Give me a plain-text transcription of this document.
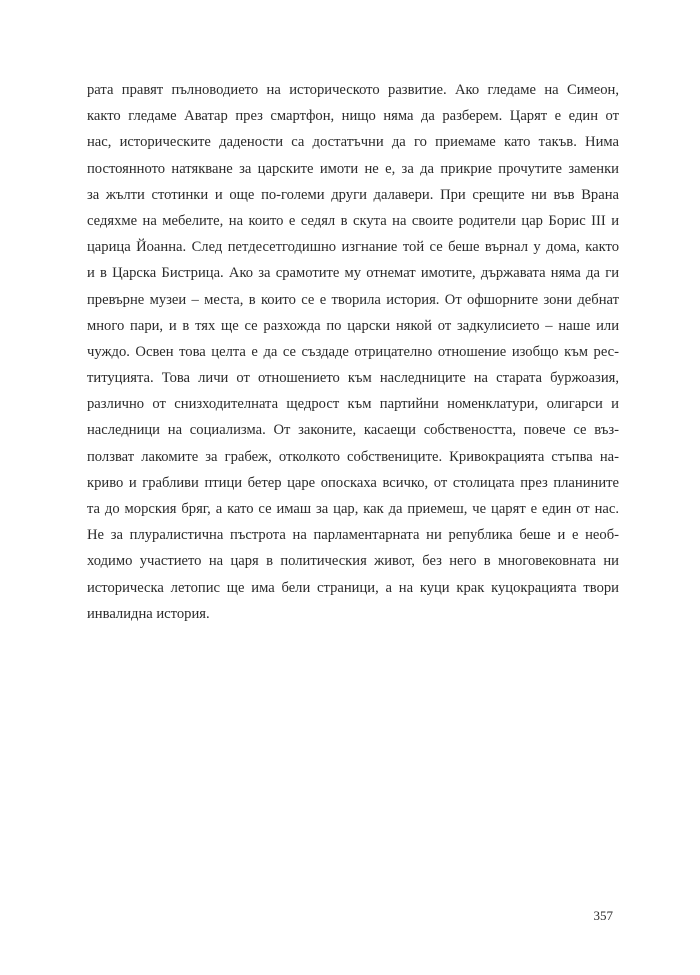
рата правят пълноводието на историческото развитие. Ако гледаме на Симеон,
както гледаме Аватар през смартфон, нищо няма да разберем. Царят е един от
нас, историческите дадености са достатъчни да го приемаме като такъв. Нима
постоянното натякване за царските имоти не е, за да прикрие прочутите заменки
за жълти стотинки и още по-големи други далавери. При срещите ни във Врана
седяхме на мебелите, на които е седял в скута на своите родители цар Борис III и
царица Йоанна. След петдесетгодишно изгнание той се беше върнал у дома, както
и в Царска Бистрица. Ако за срамотите му отнемат имотите, държавата няма да ги
превърне музеи – места, в които се е творила история. От офшорните зони дебнат
много пари, и в тях ще се разхожда по царски някой от задкулисието – наше или
чуждо. Освен това целта е да се създаде отрицателно отношение изобщо към рес-
титуцията. Това личи от отношението към наследниците на старата буржоазия,
различно от снизходителната щедрост към партийни номенклатури, олигарси и
наследници на социализма. От законите, касаещи собствеността, повече се въз-
ползват лакомите за грабеж, отколкото собствениците. Кривокрацията стъпва на-
криво и грабливи птици бетер царе опоскаха всичко, от столицата през планините
та до морския бряг, а като се имаш за цар, как да приемеш, че царят е един от нас.
Не за плуралистична пъстрота на парламентарната ни република беше и е необ-
ходимо участието на царя в политическия живот, без него в многовековната ни
историческа летопис ще има бели страници, а на куци крак куцокрацията твори
инвалидна история.
357
